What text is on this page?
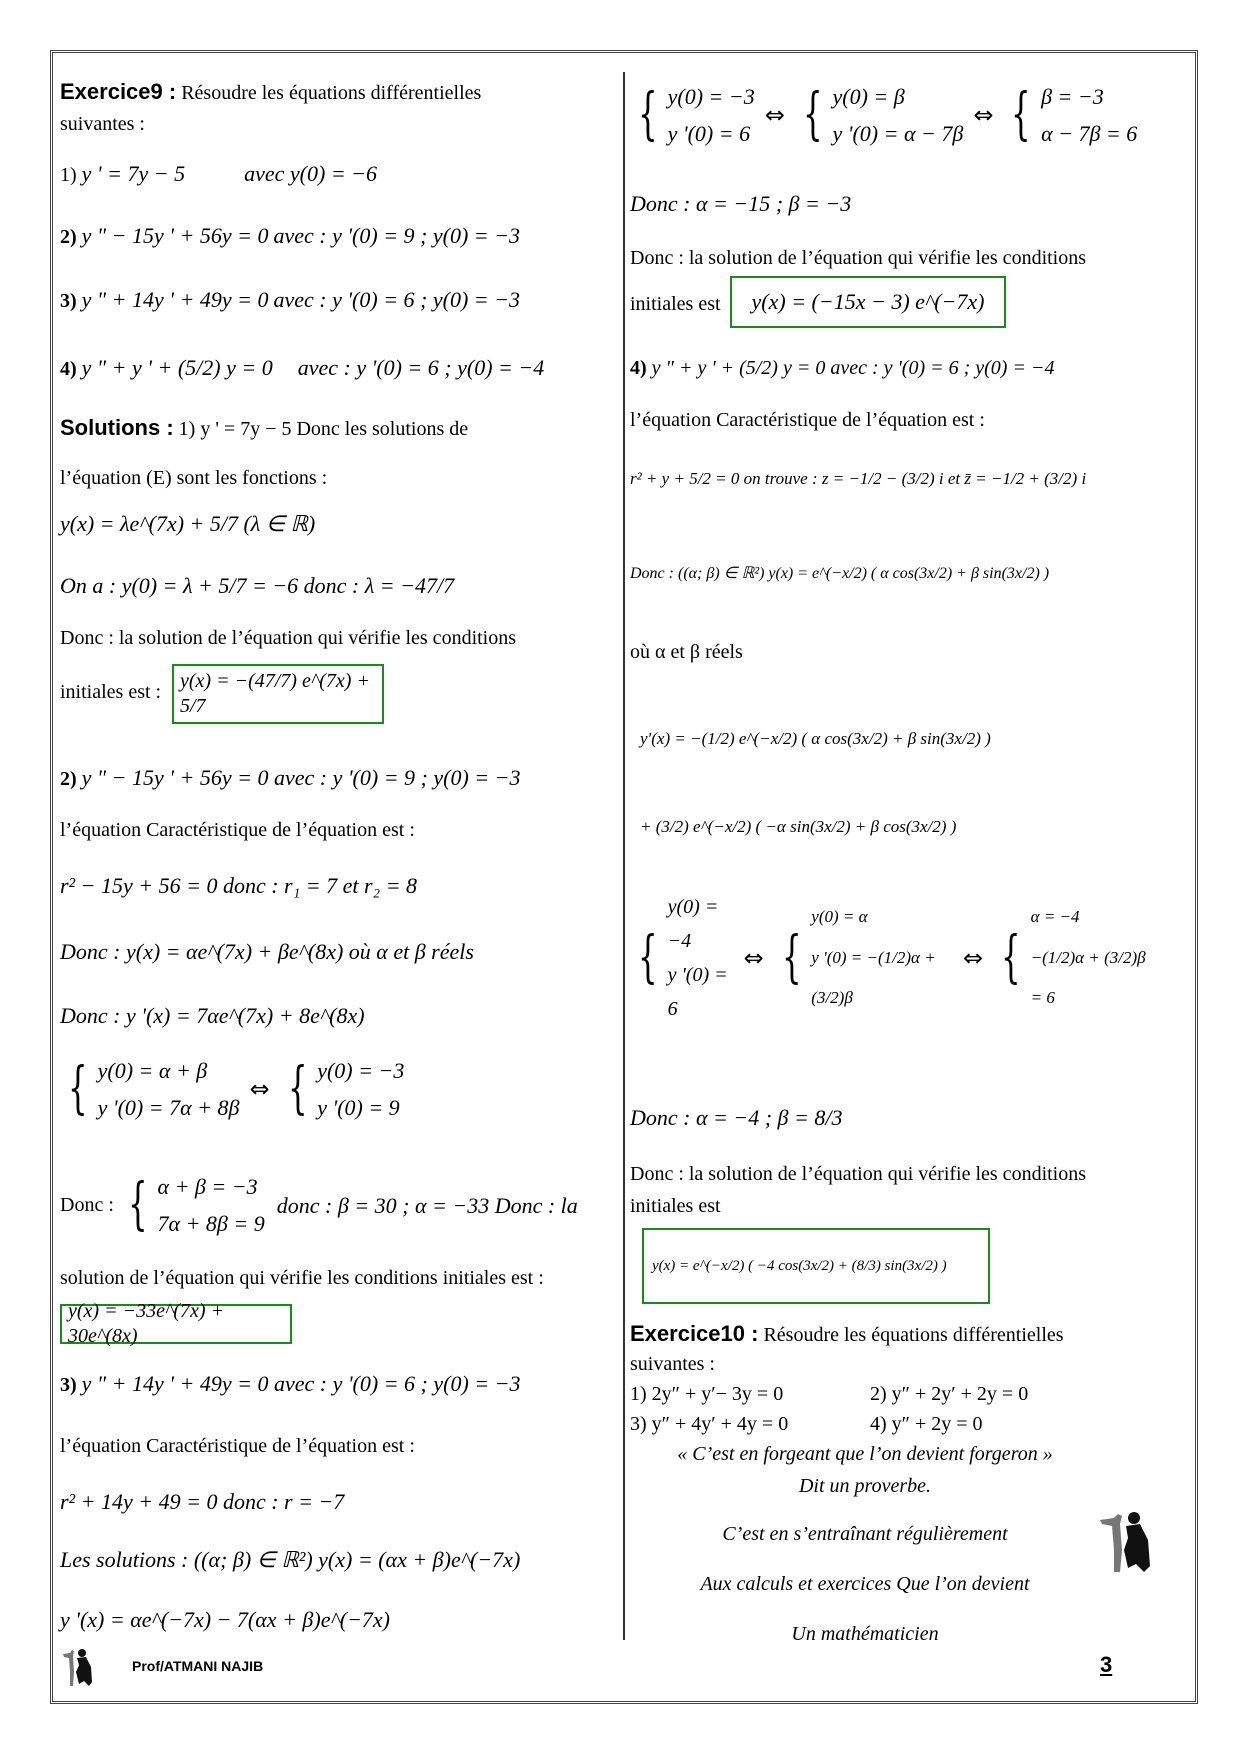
Exercice9 : Résoudre les équations différentielles
suivantes :
1) y ' = 7y − 5	avec y(0) = −6
2) y " − 15y ' + 56y = 0 avec : y '(0) = 9 ; y(0) = −3
3) y " + 14y ' + 49y = 0 avec : y '(0) = 6 ; y(0) = −3
4) y " + y ' + (5/2) y = 0 avec : y '(0) = 6 ; y(0) = −4
Solutions : 1) y ' = 7y − 5 Donc les solutions de
l’équation (E) sont les fonctions :
y(x) = λe^(7x) + 5/7 (λ ∈ ℝ)
On a : y(0) = λ + 5/7 = −6 donc : λ = −47/7
Donc : la solution de l’équation qui vérifie les conditions
initiales est : y(x) = −(47/7) e^(7x) + 5/7
2) y " − 15y ' + 56y = 0 avec : y '(0) = 9 ; y(0) = −3
l’équation Caractéristique de l’équation est :
r² − 15y + 56 = 0 donc : r₁ = 7 et r₂ = 8
Donc : y(x) = αe^(7x) + βe^(8x) où α et β réels
Donc : y '(x) = 7αe^(7x) + 8e^(8x)
{ y(0) = α + β
y '(0) = 7α + 8β
⇔ { y(0) = −3
y '(0) = 9
Donc : { α + β = −3
7α + 8β = 9
donc : β = 30 ; α = −33 Donc : la
solution de l’équation qui vérifie les conditions initiales est :
y(x) = −33e^(7x) + 30e^(8x)
3) y " + 14y ' + 49y = 0 avec : y '(0) = 6 ; y(0) = −3
l’équation Caractéristique de l’équation est :
r² + 14y + 49 = 0 donc : r = −7
Les solutions : ((α; β) ∈ ℝ²) y(x) = (αx + β)e^(−7x)
y '(x) = αe^(−7x) − 7(αx + β)e^(−7x)
{ y(0) = −3
y '(0) = 6
⇔ { y(0) = β
y '(0) = α − 7β
⇔ { β = −3
α − 7β = 6
Donc : α = −15 ; β = −3
Donc : la solution de l’équation qui vérifie les conditions
initiales est y(x) = (−15x − 3) e^(−7x)
4) y " + y ' + (5/2) y = 0 avec : y '(0) = 6 ; y(0) = −4
l’équation Caractéristique de l’équation est :
r² + y + 5/2 = 0 on trouve : z = −1/2 − (3/2) i et z̄ = −1/2 + (3/2) i
Donc : ((α; β) ∈ ℝ²) y(x) = e^(−x/2) ( α cos(3x/2) + β sin(3x/2) )
où α et β réels
y′(x) = −(1/2) e^(−x/2) ( α cos(3x/2) + β sin(3x/2) )
+ (3/2) e^(−x/2) ( −α sin(3x/2) + β cos(3x/2) )
{
y(0) = −4
y '(0) = 6
⇔ {
y(0) = α
y '(0) = −(1/2)α + (3/2)β
⇔ {
α = −4
−(1/2)α + (3/2)β = 6
Donc : α = −4 ; β = 8/3
Donc : la solution de l’équation qui vérifie les conditions
initiales est
y(x) = e^(−x/2) ( −4 cos(3x/2) + (8/3) sin(3x/2) )
Exercice10 : Résoudre les équations différentielles
suivantes :
1) 2y″ + y′− 3y = 0	2) y″ + 2y′ + 2y = 0
3) y″ + 4y′ + 4y = 0	4) y″ + 2y = 0
« C’est en forgeant que l’on devient forgeron »
Dit un proverbe.
C’est en s’entraînant régulièrement
Aux calculs et exercices Que l’on devient
Un mathématicien
Prof/ATMANI NAJIB	3
